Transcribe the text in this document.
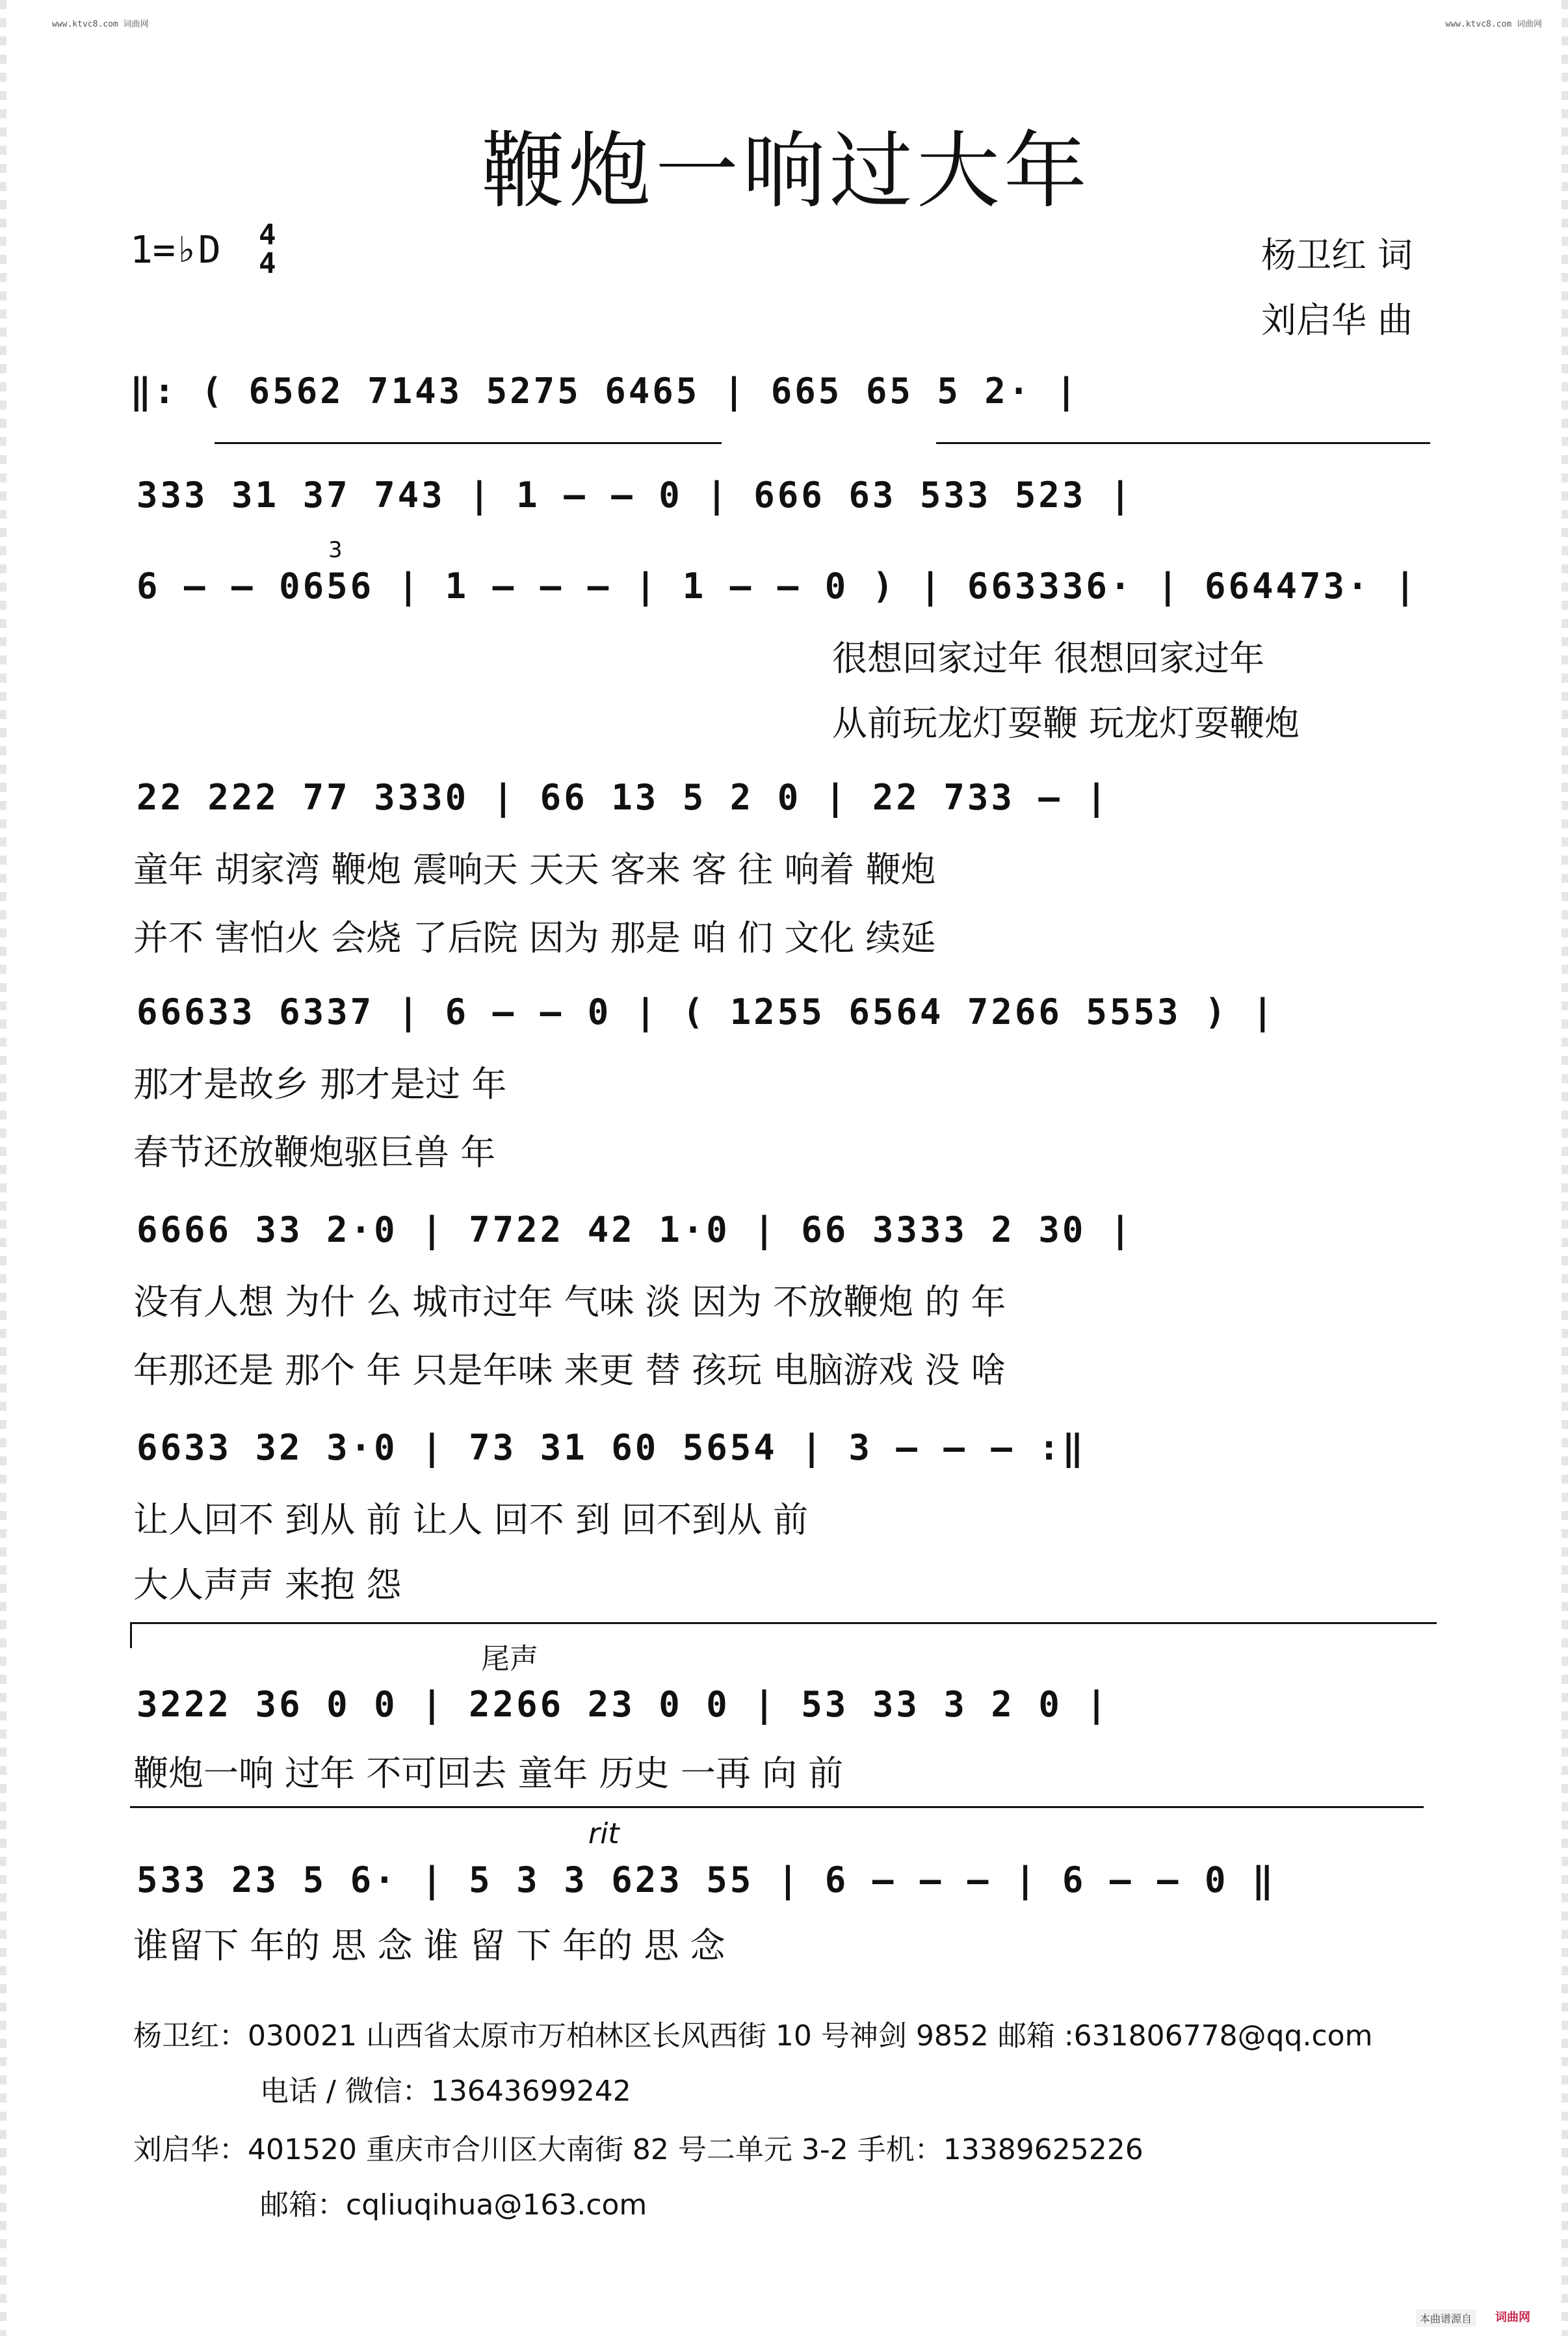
www.ktvc8.com 词曲网	www.ktvc8.com 词曲网
鞭炮一响过大年
1=♭D 4
4	杨卫红 词
刘启华 曲
‖: ( 6562 7143 5275 6465 | 665 65 5 2· |
333 31 37 743 | 1 – – 0 | 666 63 533 523 |
3
6 – – 0656 | 1 – – – | 1 – – 0 ) | 663336· | 664473· |
很想回家过年 很想回家过年
从前玩龙灯耍鞭 玩龙灯耍鞭炮
22 222 77 3330 | 66 13 5 2 0 | 22 733 – |
童年 胡家湾 鞭炮 震响天 天天 客来 客 往 响着 鞭炮
并不 害怕火 会烧 了后院 因为 那是 咱 们 文化 续延
66633 6337 | 6 – – 0 | ( 1255 6564 7266 5553 ) |
那才是故乡 那才是过 年
春节还放鞭炮驱巨兽 年
6666 33 2·0 | 7722 42 1·0 | 66 3333 2 30 |
没有人想 为什 么 城市过年 气味 淡 因为 不放鞭炮 的 年
年那还是 那个 年 只是年味 来更 替 孩玩 电脑游戏 没 啥
6633 32 3·0 | 73 31 60 5654 | 3 – – – :‖
让人回不 到从 前 让人 回不 到 回不到从 前
大人声声 来抱 怨
尾声
3222 36 0 0 | 2266 23 0 0 | 53 33 3 2 0 |
鞭炮一响 过年 不可回去 童年 历史 一再 向 前
rit
533 23 5 6· | 5 3 3 623 55 | 6 – – – | 6 – – 0 ‖
谁留下 年的 思 念 谁 留 下 年的 思 念
杨卫红：030021 山西省太原市万柏林区长风西街 10 号神剑 9852 邮箱 :631806778@qq.com
电话 / 微信：13643699242
刘启华：401520 重庆市合川区大南街 82 号二单元 3-2 手机：13389625226
邮箱：cqliuqihua@163.com
本曲谱源自	词曲网
